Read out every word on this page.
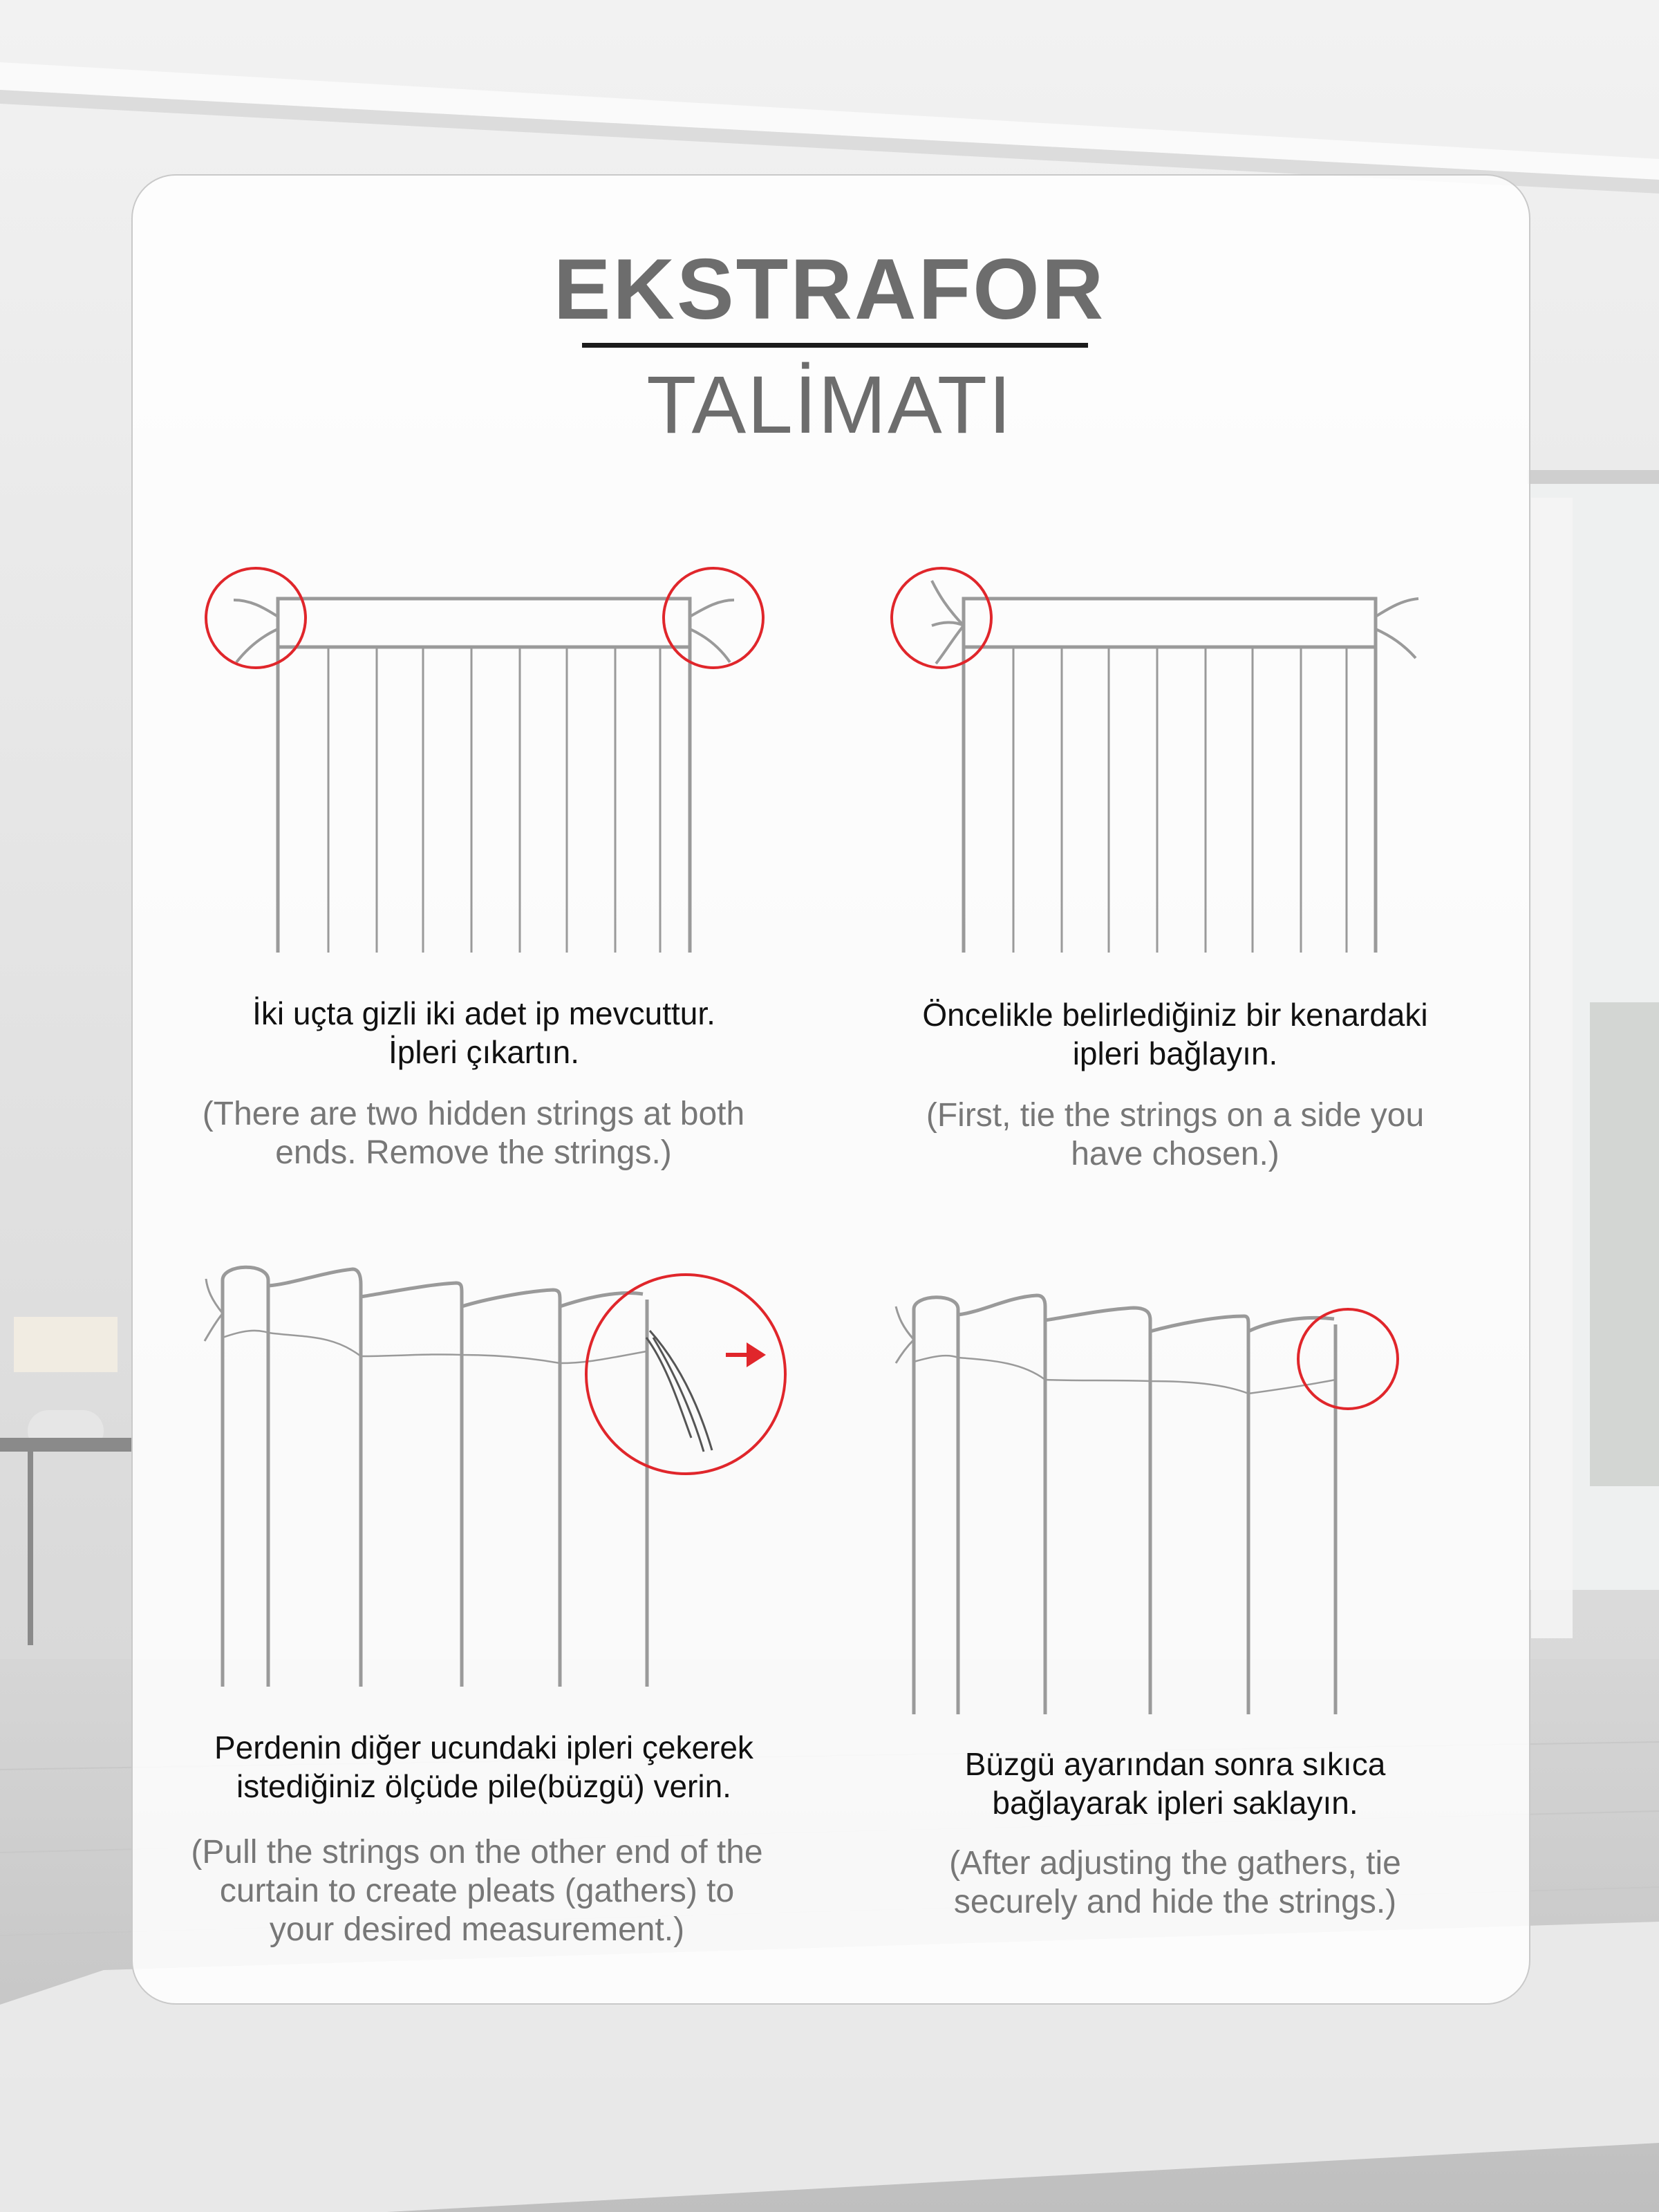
EKSTRAFOR
TALİMATI
İki uçta gizli iki adet ip mevcuttur.
İpleri çıkartın.
(There are two hidden strings at both
ends. Remove the strings.)
Öncelikle belirlediğiniz bir kenardaki
ipleri bağlayın.
(First, tie the strings on a side you
have chosen.)
Perdenin diğer ucundaki ipleri çekerek
istediğiniz ölçüde pile(büzgü) verin.
(Pull the strings on the other end of the
curtain to create pleats (gathers) to
your desired measurement.)
Büzgü ayarından sonra sıkıca
bağlayarak ipleri saklayın.
(After adjusting the gathers, tie
securely and hide the strings.)
